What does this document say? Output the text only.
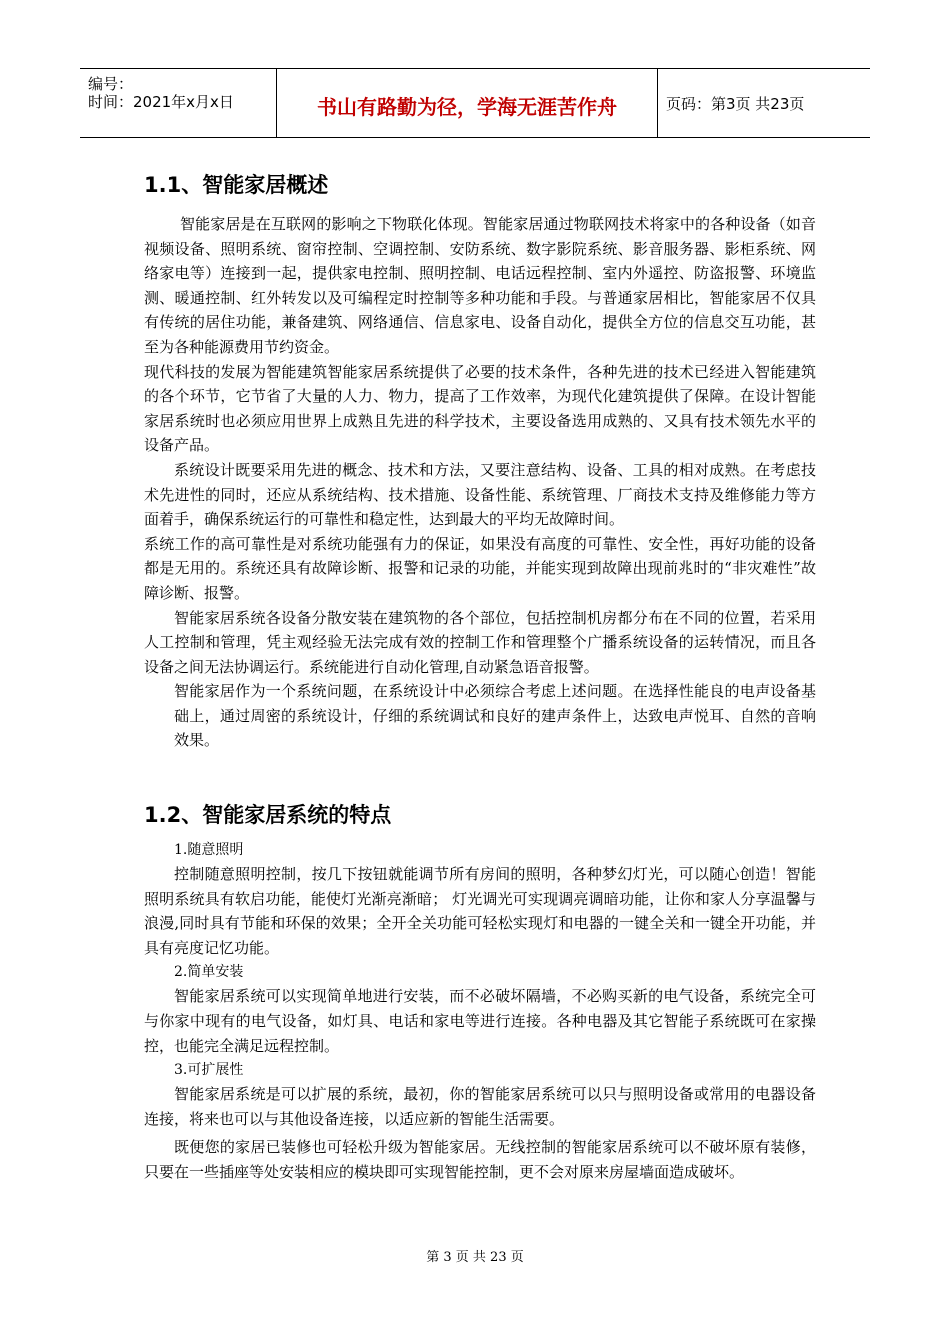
编号：
时间：2021年x月x日	书山有路勤为径，学海无涯苦作舟	页码：第3页 共23页
1.1、智能家居概述

智能家居是在互联网的影响之下物联化体现。智能家居通过物联网技术将家中的各种设备（如音视频设备、照明系统、窗帘控制、空调控制、安防系统、数字影院系统、影音服务器、影柜系统、网络家电等）连接到一起，提供家电控制、照明控制、电话远程控制、室内外遥控、防盗报警、环境监测、暖通控制、红外转发以及可编程定时控制等多种功能和手段。与普通家居相比，智能家居不仅具有传统的居住功能，兼备建筑、网络通信、信息家电、设备自动化，提供全方位的信息交互功能，甚至为各种能源费用节约资金。

现代科技的发展为智能建筑智能家居系统提供了必要的技术条件，各种先进的技术已经进入智能建筑的各个环节，它节省了大量的人力、物力，提高了工作效率，为现代化建筑提供了保障。在设计智能家居系统时也必须应用世界上成熟且先进的科学技术，主要设备选用成熟的、又具有技术领先水平的设备产品。

系统设计既要采用先进的概念、技术和方法，又要注意结构、设备、工具的相对成熟。在考虑技术先进性的同时，还应从系统结构、技术措施、设备性能、系统管理、厂商技术支持及维修能力等方面着手，确保系统运行的可靠性和稳定性，达到最大的平均无故障时间。

系统工作的高可靠性是对系统功能强有力的保证，如果没有高度的可靠性、安全性，再好功能的设备都是无用的。系统还具有故障诊断、报警和记录的功能，并能实现到故障出现前兆时的“非灾难性”故障诊断、报警。

智能家居系统各设备分散安装在建筑物的各个部位，包括控制机房都分布在不同的位置，若采用人工控制和管理，凭主观经验无法完成有效的控制工作和管理整个广播系统设备的运转情况，而且各设备之间无法协调运行。系统能进行自动化管理,自动紧急语音报警。

智能家居作为一个系统问题，在系统设计中必须综合考虑上述问题。在选择性能良的电声设备基础上，通过周密的系统设计，仔细的系统调试和良好的建声条件上，达致电声悦耳、自然的音响效果。

1.2、智能家居系统的特点
1.随意照明

控制随意照明控制，按几下按钮就能调节所有房间的照明，各种梦幻灯光，可以随心创造！智能照明系统具有软启功能，能使灯光渐亮渐暗； 灯光调光可实现调亮调暗功能，让你和家人分享温馨与浪漫,同时具有节能和环保的效果；全开全关功能可轻松实现灯和电器的一键全关和一键全开功能，并具有亮度记忆功能。

2.简单安装

智能家居系统可以实现简单地进行安装，而不必破坏隔墙，不必购买新的电气设备，系统完全可与你家中现有的电气设备，如灯具、电话和家电等进行连接。各种电器及其它智能子系统既可在家操控，也能完全满足远程控制。

3.可扩展性

智能家居系统是可以扩展的系统，最初，你的智能家居系统可以只与照明设备或常用的电器设备连接，将来也可以与其他设备连接，以适应新的智能生活需要。

既便您的家居已装修也可轻松升级为智能家居。无线控制的智能家居系统可以不破坏原有装修，只要在一些插座等处安装相应的模块即可实现智能控制，更不会对原来房屋墙面造成破坏。

第 3 页 共 23 页
